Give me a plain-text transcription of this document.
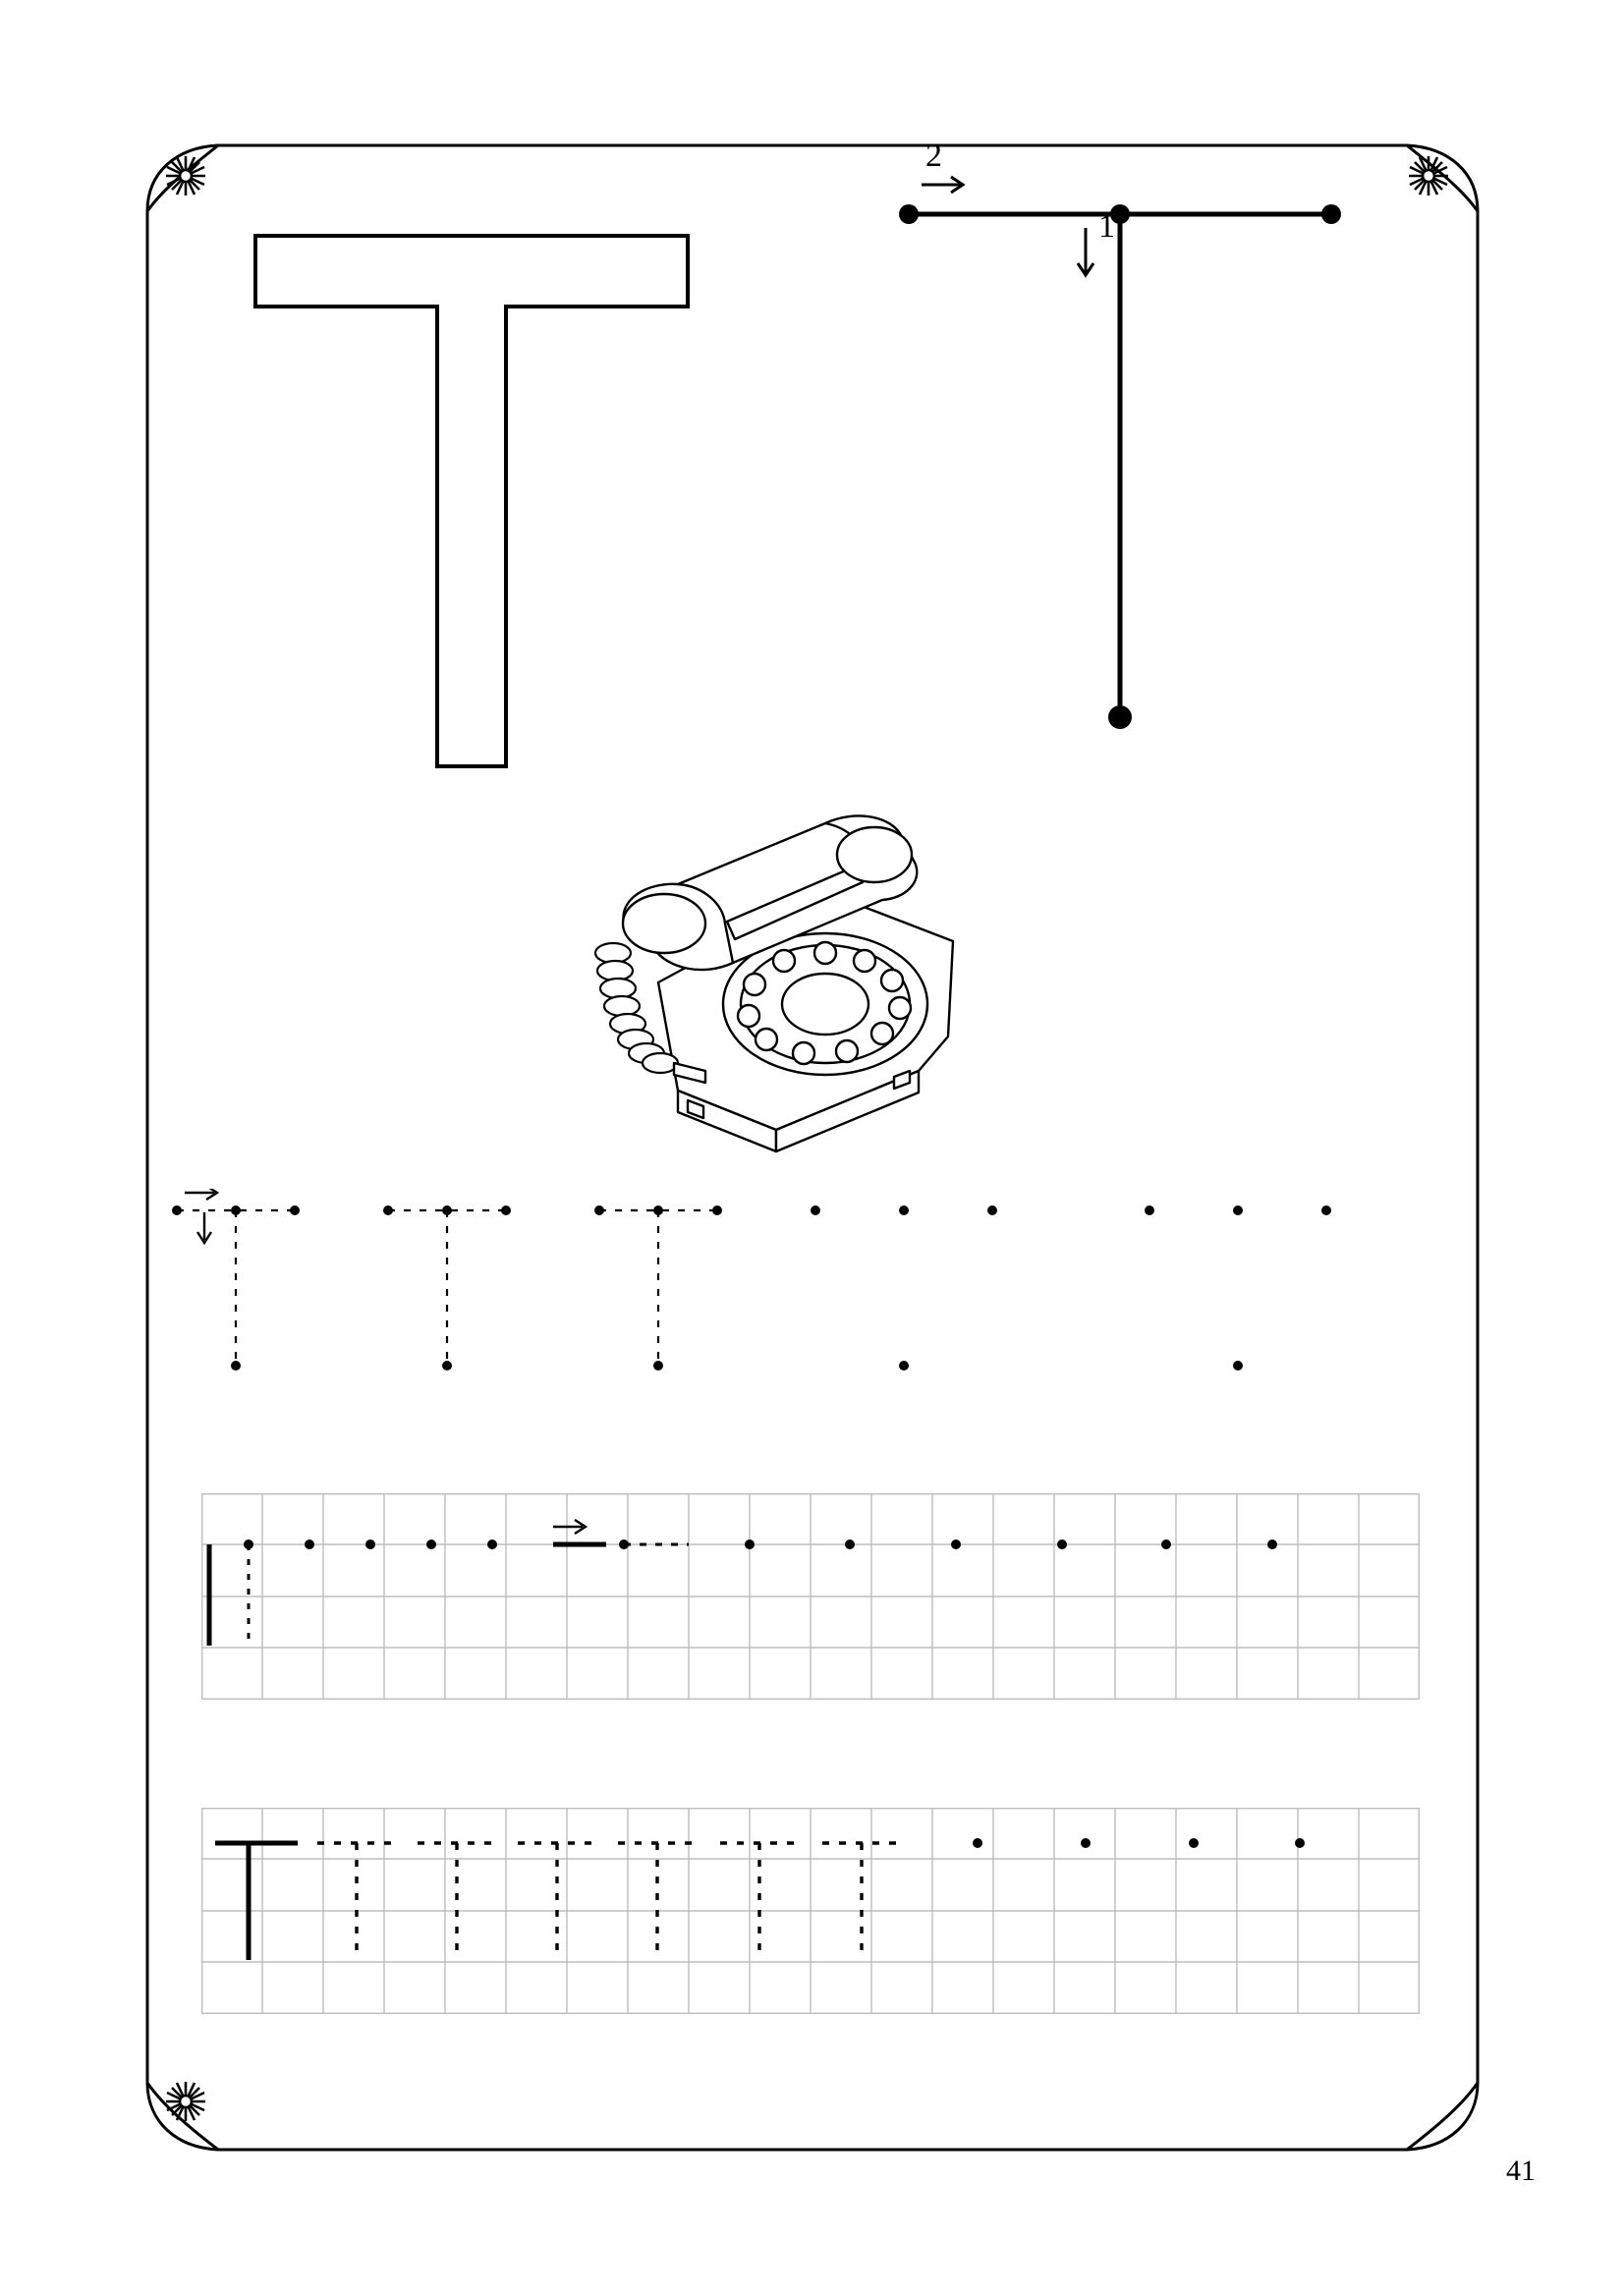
2
1
41
